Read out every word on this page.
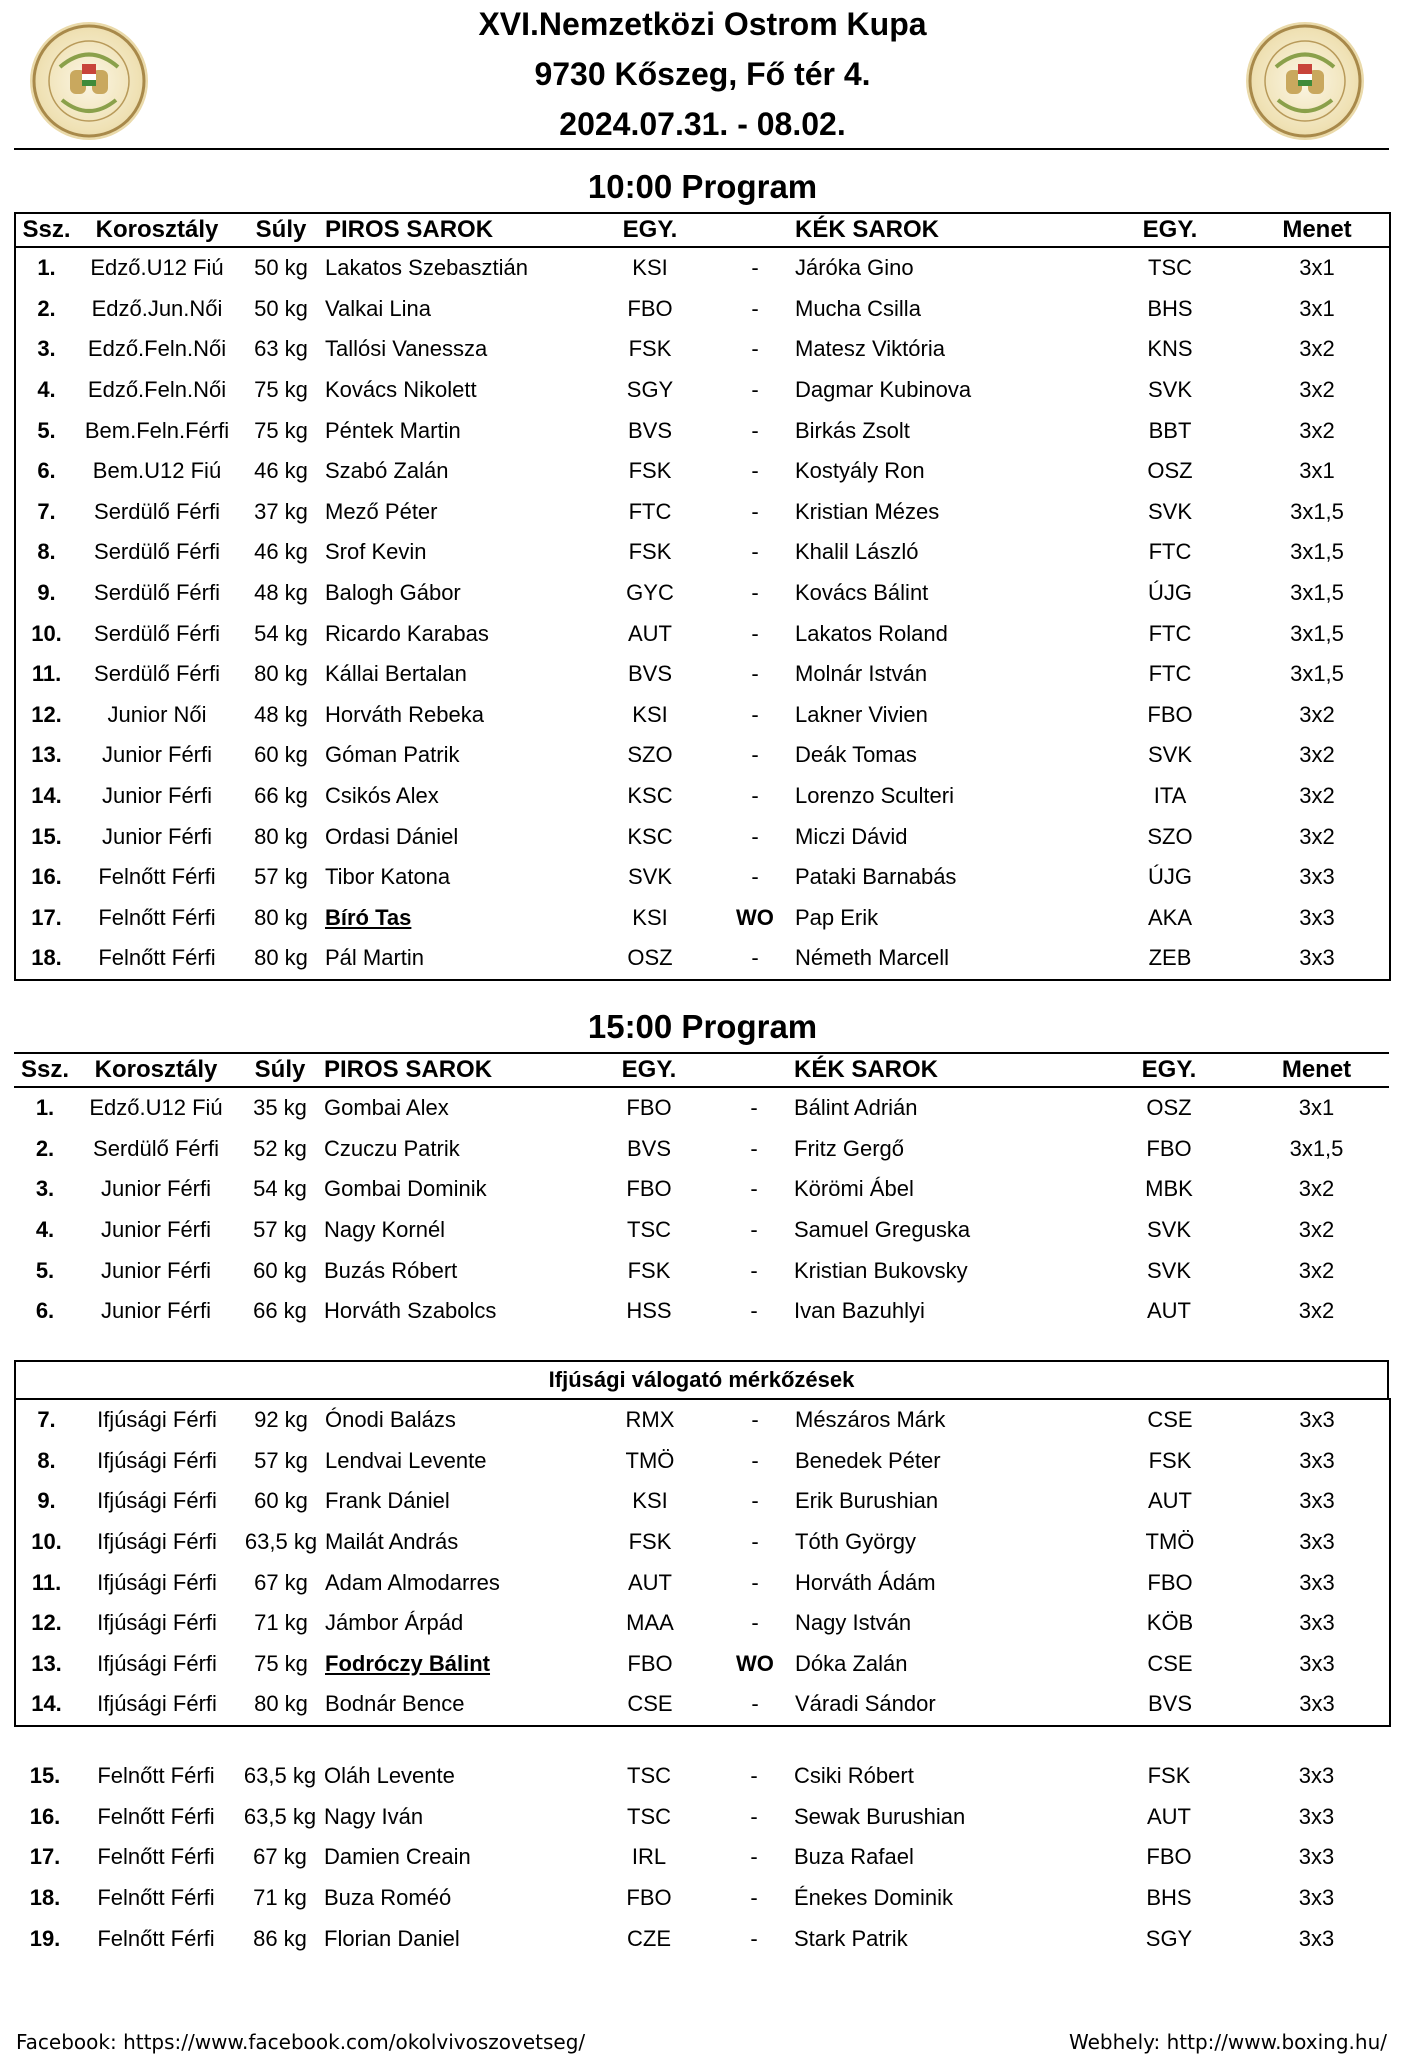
XVI.Nemzetközi Ostrom Kupa
9730 Kőszeg, Fő tér 4.
2024.07.31. - 08.02.
10:00 Program
Ssz.	Korosztály	Súly	PIROS SAROK	EGY.		KÉK SAROK	EGY.	Menet
1.	Edző.U12 Fiú	50 kg	Lakatos Szebasztián	KSI	-	Járóka Gino	TSC	3x1
2.	Edző.Jun.Női	50 kg	Valkai Lina	FBO	-	Mucha Csilla	BHS	3x1
3.	Edző.Feln.Női	63 kg	Tallósi Vanessza	FSK	-	Matesz Viktória	KNS	3x2
4.	Edző.Feln.Női	75 kg	Kovács Nikolett	SGY	-	Dagmar Kubinova	SVK	3x2
5.	Bem.Feln.Férfi	75 kg	Péntek Martin	BVS	-	Birkás Zsolt	BBT	3x2
6.	Bem.U12 Fiú	46 kg	Szabó Zalán	FSK	-	Kostyály Ron	OSZ	3x1
7.	Serdülő Férfi	37 kg	Mező Péter	FTC	-	Kristian Mézes	SVK	3x1,5
8.	Serdülő Férfi	46 kg	Srof Kevin	FSK	-	Khalil László	FTC	3x1,5
9.	Serdülő Férfi	48 kg	Balogh Gábor	GYC	-	Kovács Bálint	ÚJG	3x1,5
10.	Serdülő Férfi	54 kg	Ricardo Karabas	AUT	-	Lakatos Roland	FTC	3x1,5
11.	Serdülő Férfi	80 kg	Kállai Bertalan	BVS	-	Molnár István	FTC	3x1,5
12.	Junior Női	48 kg	Horváth Rebeka	KSI	-	Lakner Vivien	FBO	3x2
13.	Junior Férfi	60 kg	Góman Patrik	SZO	-	Deák Tomas	SVK	3x2
14.	Junior Férfi	66 kg	Csikós Alex	KSC	-	Lorenzo Sculteri	ITA	3x2
15.	Junior Férfi	80 kg	Ordasi Dániel	KSC	-	Miczi Dávid	SZO	3x2
16.	Felnőtt Férfi	57 kg	Tibor Katona	SVK	-	Pataki Barnabás	ÚJG	3x3
17.	Felnőtt Férfi	80 kg	Bíró Tas	KSI	WO	Pap Erik	AKA	3x3
18.	Felnőtt Férfi	80 kg	Pál Martin	OSZ	-	Németh Marcell	ZEB	3x3
15:00 Program
Ssz.	Korosztály	Súly	PIROS SAROK	EGY.		KÉK SAROK	EGY.	Menet
1.	Edző.U12 Fiú	35 kg	Gombai Alex	FBO	-	Bálint Adrián	OSZ	3x1
2.	Serdülő Férfi	52 kg	Czuczu Patrik	BVS	-	Fritz Gergő	FBO	3x1,5
3.	Junior Férfi	54 kg	Gombai Dominik	FBO	-	Körömi Ábel	MBK	3x2
4.	Junior Férfi	57 kg	Nagy Kornél	TSC	-	Samuel Greguska	SVK	3x2
5.	Junior Férfi	60 kg	Buzás Róbert	FSK	-	Kristian Bukovsky	SVK	3x2
6.	Junior Férfi	66 kg	Horváth Szabolcs	HSS	-	Ivan Bazuhlyi	AUT	3x2
Ifjúsági válogató mérkőzések
7.	Ifjúsági Férfi	92 kg	Ónodi Balázs	RMX	-	Mészáros Márk	CSE	3x3
8.	Ifjúsági Férfi	57 kg	Lendvai Levente	TMÖ	-	Benedek Péter	FSK	3x3
9.	Ifjúsági Férfi	60 kg	Frank Dániel	KSI	-	Erik Burushian	AUT	3x3
10.	Ifjúsági Férfi	63,5 kg	Mailát András	FSK	-	Tóth György	TMÖ	3x3
11.	Ifjúsági Férfi	67 kg	Adam Almodarres	AUT	-	Horváth Ádám	FBO	3x3
12.	Ifjúsági Férfi	71 kg	Jámbor Árpád	MAA	-	Nagy István	KÖB	3x3
13.	Ifjúsági Férfi	75 kg	Fodróczy Bálint	FBO	WO	Dóka Zalán	CSE	3x3
14.	Ifjúsági Férfi	80 kg	Bodnár Bence	CSE	-	Váradi Sándor	BVS	3x3
15.	Felnőtt Férfi	63,5 kg	Oláh Levente	TSC	-	Csiki Róbert	FSK	3x3
16.	Felnőtt Férfi	63,5 kg	Nagy Iván	TSC	-	Sewak Burushian	AUT	3x3
17.	Felnőtt Férfi	67 kg	Damien Creain	IRL	-	Buza Rafael	FBO	3x3
18.	Felnőtt Férfi	71 kg	Buza Roméó	FBO	-	Énekes Dominik	BHS	3x3
19.	Felnőtt Férfi	86 kg	Florian Daniel	CZE	-	Stark Patrik	SGY	3x3
Facebook: https://www.facebook.com/okolvivoszovetseg/	Webhely: http://www.boxing.hu/
